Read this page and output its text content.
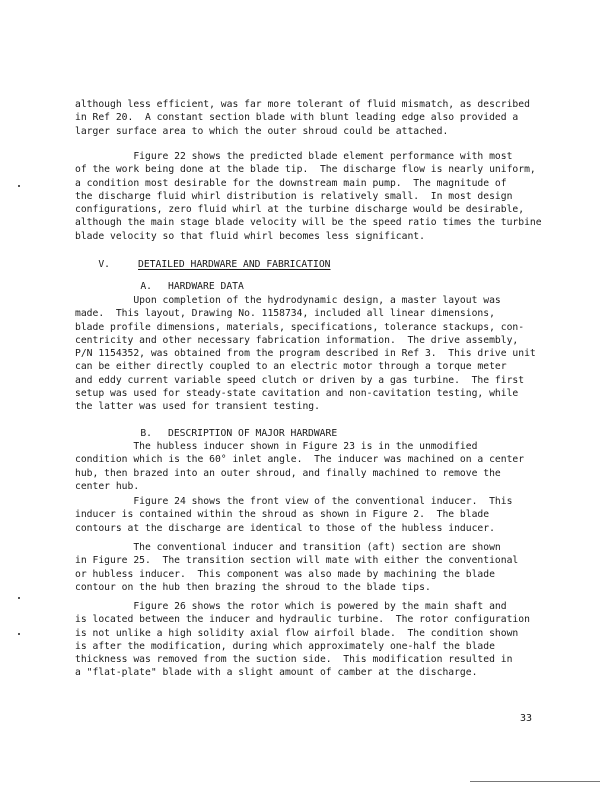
although less efficient, was far more tolerant of fluid mismatch, as described
in Ref 20.  A constant section blade with blunt leading edge also provided a
larger surface area to which the outer shroud could be attached.

Figure 22 shows the predicted blade element performance with most
of the work being done at the blade tip.  The discharge flow is nearly uniform,
a condition most desirable for the downstream main pump.  The magnitude of
the discharge fluid whirl distribution is relatively small.  In most design
configurations, zero fluid whirl at the turbine discharge would be desirable,
although the main stage blade velocity will be the speed ratio times the turbine
blade velocity so that fluid whirl becomes less significant.

V.	DETAILED HARDWARE AND FABRICATION

A. HARDWARE DATA

Upon completion of the hydrodynamic design, a master layout was
made.  This layout, Drawing No. 1158734, included all linear dimensions,
blade profile dimensions, materials, specifications, tolerance stackups, con-
centricity and other necessary fabrication information.  The drive assembly,
P/N 1154352, was obtained from the program described in Ref 3.  This drive unit
can be either directly coupled to an electric motor through a torque meter
and eddy current variable speed clutch or driven by a gas turbine.  The first
setup was used for steady-state cavitation and non-cavitation testing, while
the latter was used for transient testing.

B. DESCRIPTION OF MAJOR HARDWARE

The hubless inducer shown in Figure 23 is in the unmodified
condition which is the 60° inlet angle.  The inducer was machined on a center
hub, then brazed into an outer shroud, and finally machined to remove the
center hub.

Figure 24 shows the front view of the conventional inducer.  This
inducer is contained within the shroud as shown in Figure 2.  The blade
contours at the discharge are identical to those of the hubless inducer.

The conventional inducer and transition (aft) section are shown
in Figure 25.  The transition section will mate with either the conventional
or hubless inducer.  This component was also made by machining the blade
contour on the hub then brazing the shroud to the blade tips.

Figure 26 shows the rotor which is powered by the main shaft and
is located between the inducer and hydraulic turbine.  The rotor configuration
is not unlike a high solidity axial flow airfoil blade.  The condition shown
is after the modification, during which approximately one-half the blade
thickness was removed from the suction side.  This modification resulted in
a "flat-plate" blade with a slight amount of camber at the discharge.

33
